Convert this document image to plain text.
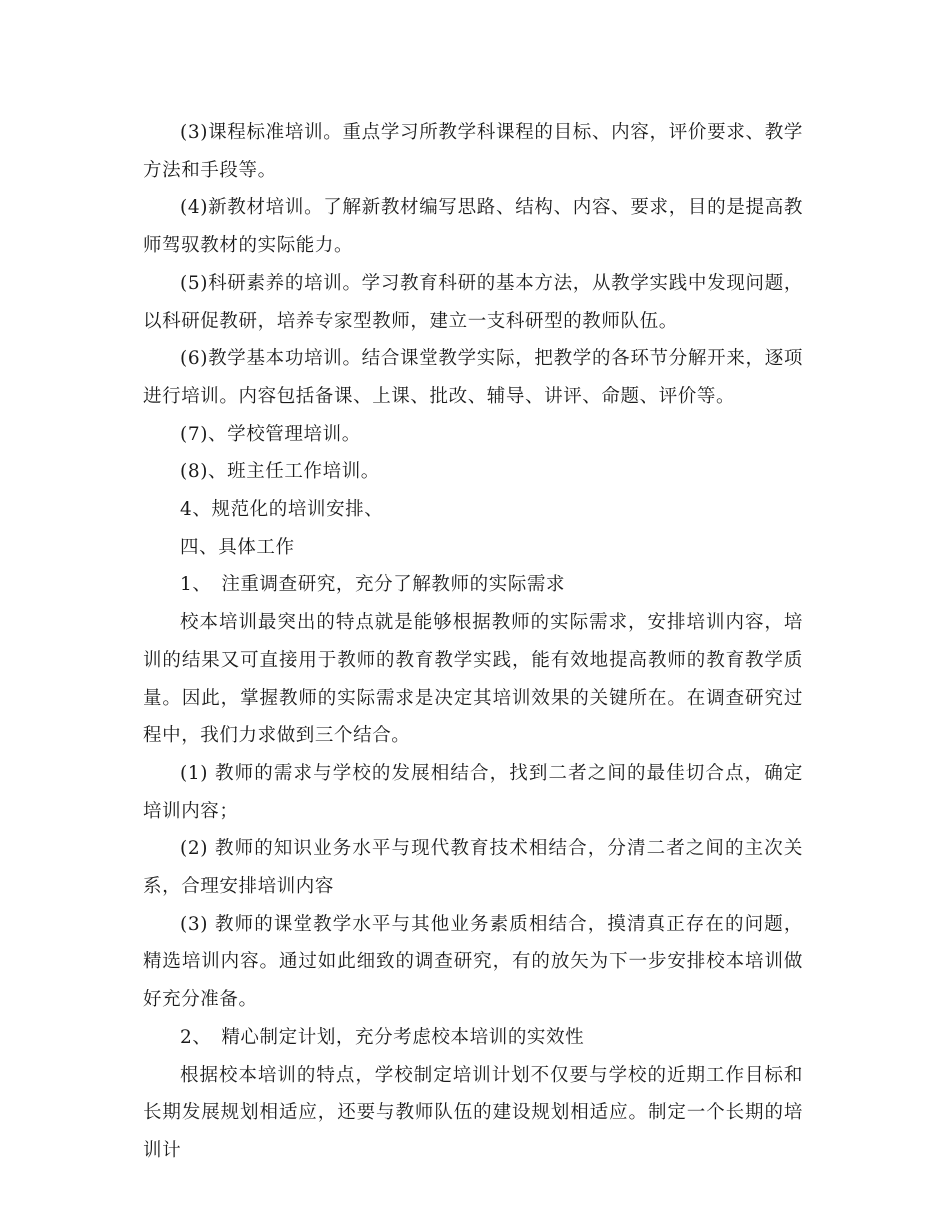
(3)课程标准培训。重点学习所教学科课程的目标、内容，评价要求、教学方法和手段等。

(4)新教材培训。了解新教材编写思路、结构、内容、要求，目的是提高教师驾驭教材的实际能力。

(5)科研素养的培训。学习教育科研的基本方法，从教学实践中发现问题，以科研促教研，培养专家型教师，建立一支科研型的教师队伍。

(6)教学基本功培训。结合课堂教学实际，把教学的各环节分解开来，逐项进行培训。内容包括备课、上课、批改、辅导、讲评、命题、评价等。

(7)、学校管理培训。

(8)、班主任工作培训。

4、规范化的培训安排、

四、具体工作

1、　注重调查研究，充分了解教师的实际需求

校本培训最突出的特点就是能够根据教师的实际需求，安排培训内容，培训的结果又可直接用于教师的教育教学实践，能有效地提高教师的教育教学质量。因此，掌握教师的实际需求是决定其培训效果的关键所在。在调查研究过程中，我们力求做到三个结合。

(1) 教师的需求与学校的发展相结合，找到二者之间的最佳切合点，确定培训内容；

(2) 教师的知识业务水平与现代教育技术相结合，分清二者之间的主次关系，合理安排培训内容

(3) 教师的课堂教学水平与其他业务素质相结合，摸清真正存在的问题，精选培训内容。通过如此细致的调查研究，有的放矢为下一步安排校本培训做好充分准备。

2、　精心制定计划，充分考虑校本培训的实效性

根据校本培训的特点，学校制定培训计划不仅要与学校的近期工作目标和长期发展规划相适应，还要与教师队伍的建设规划相适应。制定一个长期的培训计
